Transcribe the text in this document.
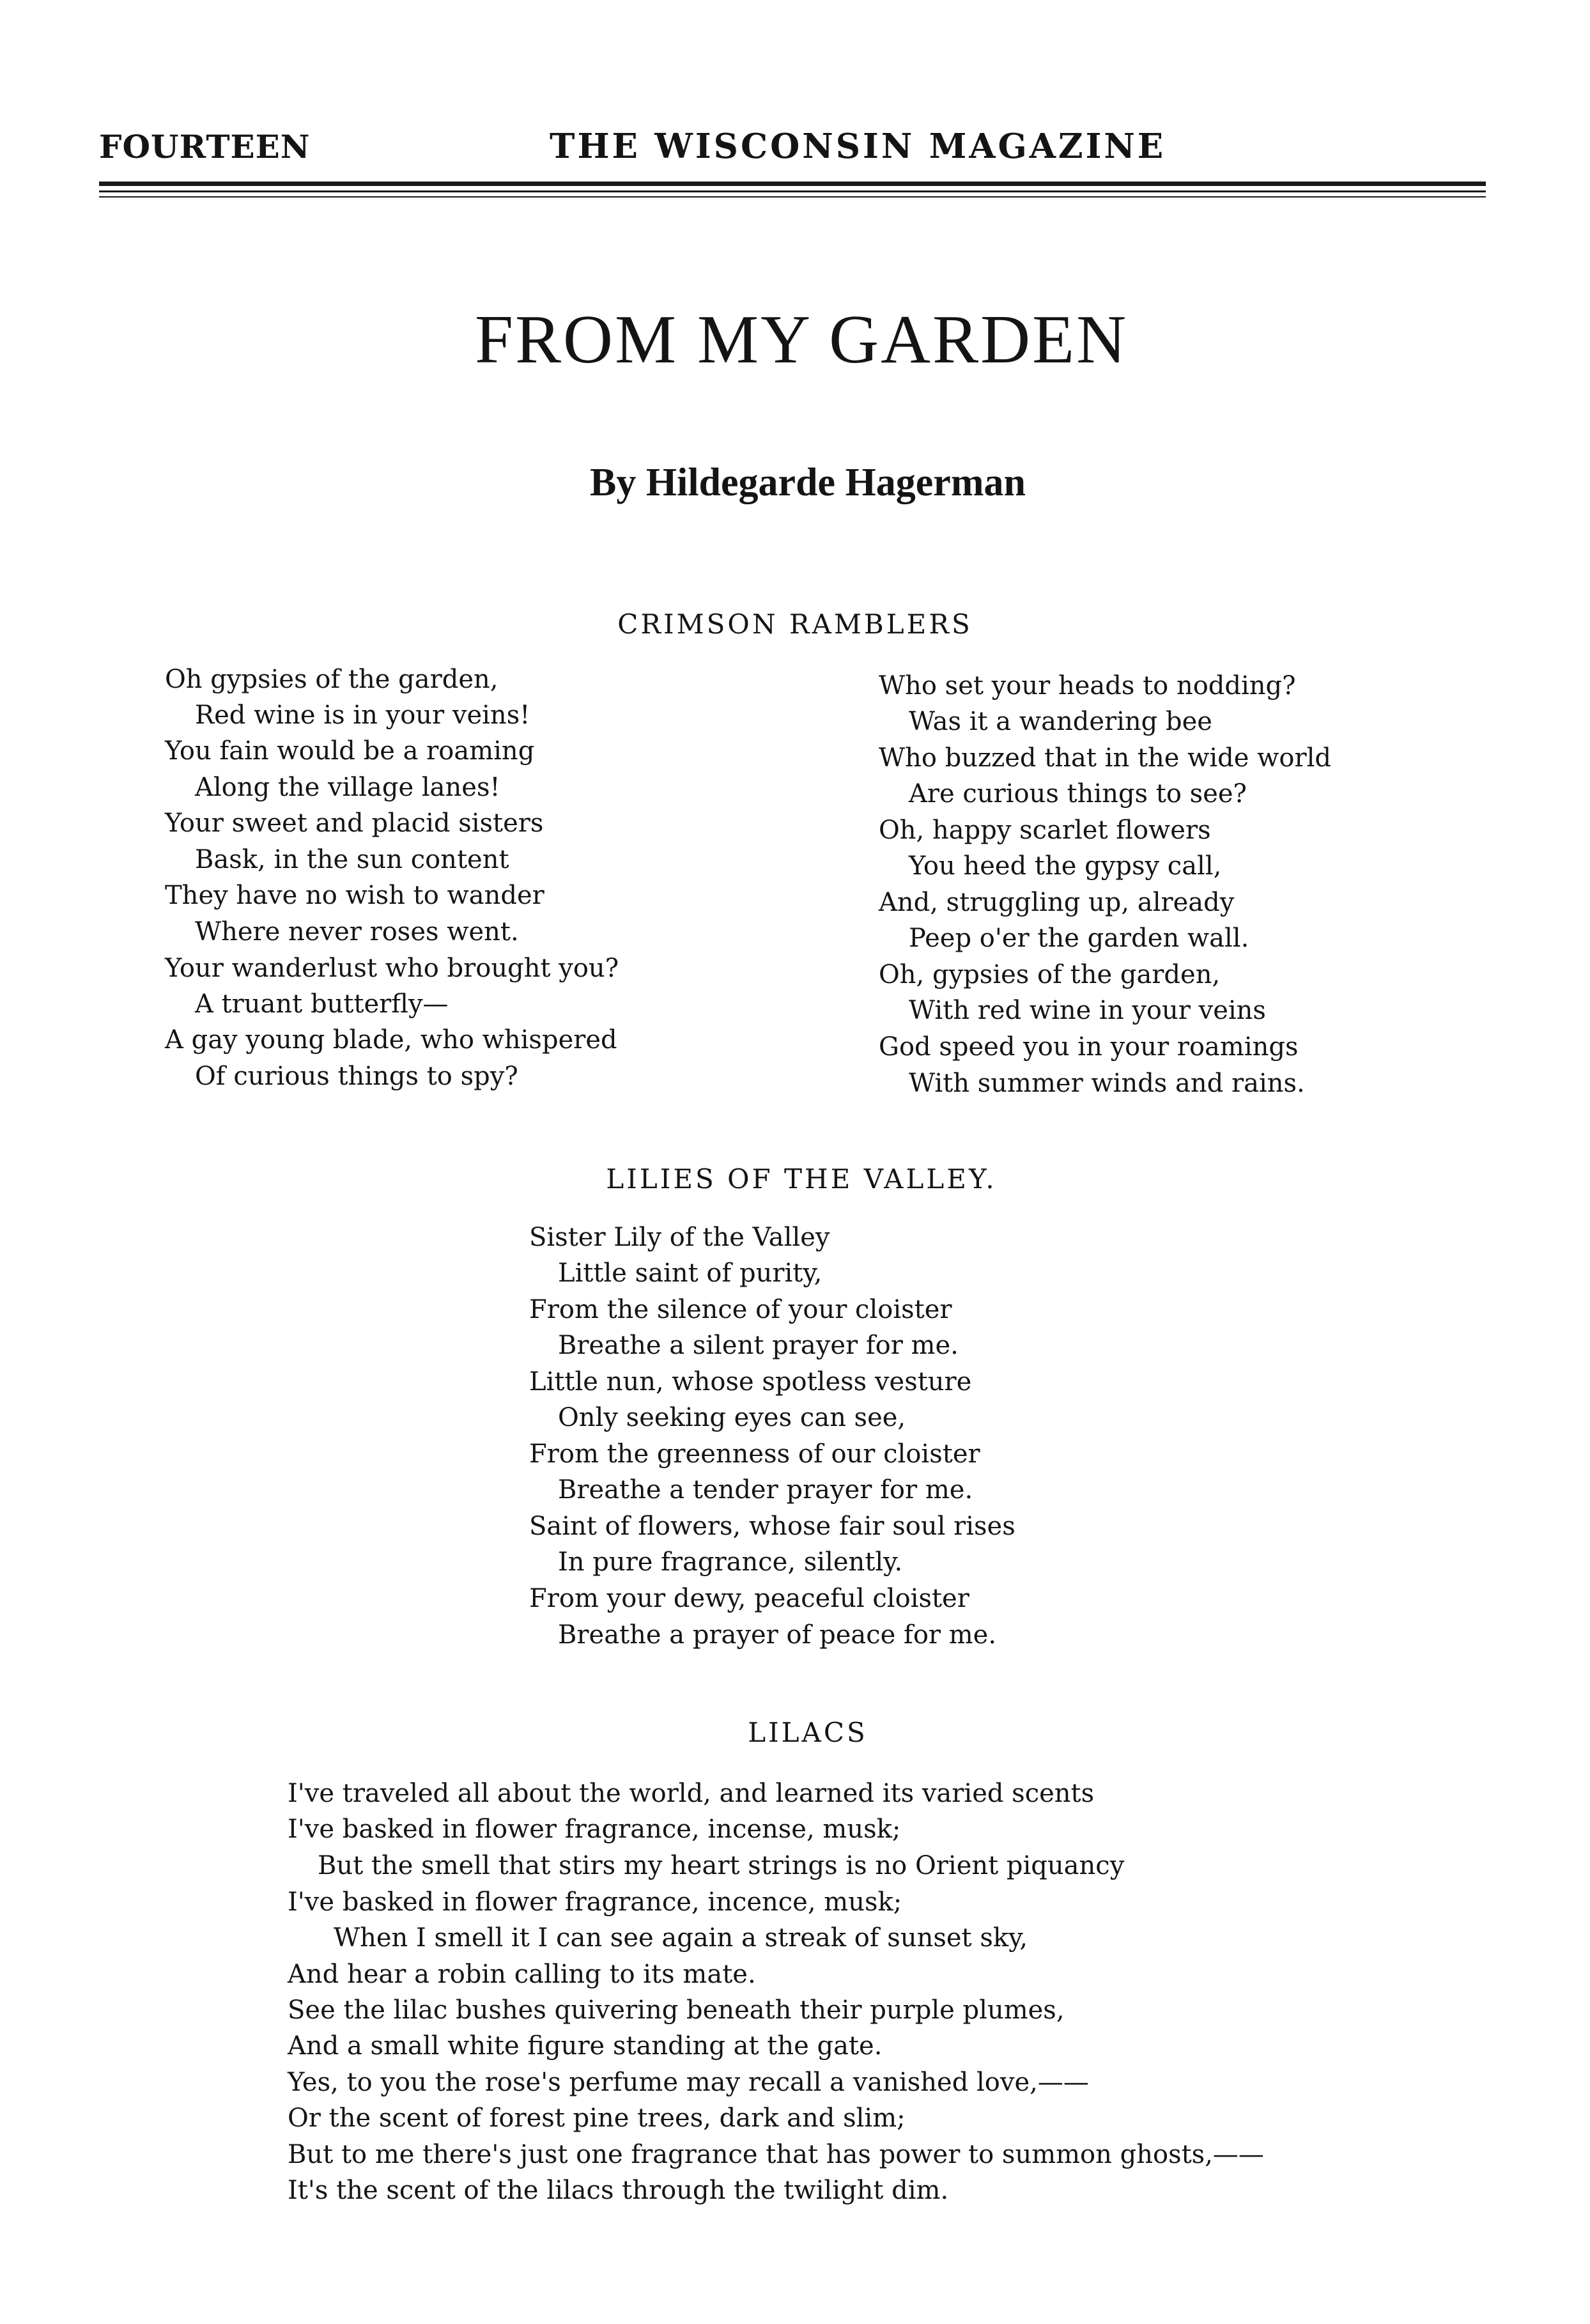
FOURTEEN	THE WISCONSIN MAGAZINE
FROM MY GARDEN
By Hildegarde Hagerman
CRIMSON RAMBLERS
Oh gypsies of the garden,
Red wine is in your veins!
You fain would be a roaming
Along the village lanes!
Your sweet and placid sisters
Bask, in the sun content
They have no wish to wander
Where never roses went.
Your wanderlust who brought you?
A truant butterfly—
A gay young blade, who whispered
Of curious things to spy?
Who set your heads to nodding?
Was it a wandering bee
Who buzzed that in the wide world
Are curious things to see?
Oh, happy scarlet flowers
You heed the gypsy call,
And, struggling up, already
Peep o'er the garden wall.
Oh, gypsies of the garden,
With red wine in your veins
God speed you in your roamings
With summer winds and rains.
LILIES OF THE VALLEY.
Sister Lily of the Valley
Little saint of purity,
From the silence of your cloister
Breathe a silent prayer for me.
Little nun, whose spotless vesture
Only seeking eyes can see,
From the greenness of our cloister
Breathe a tender prayer for me.
Saint of flowers, whose fair soul rises
In pure fragrance, silently.
From your dewy, peaceful cloister
Breathe a prayer of peace for me.
LILACS
I've traveled all about the world, and learned its varied scents
I've basked in flower fragrance, incense, musk;
But the smell that stirs my heart strings is no Orient piquancy
I've basked in flower fragrance, incence, musk;
When I smell it I can see again a streak of sunset sky,
And hear a robin calling to its mate.
See the lilac bushes quivering beneath their purple plumes,
And a small white figure standing at the gate.
Yes, to you the rose's perfume may recall a vanished love,——
Or the scent of forest pine trees, dark and slim;
But to me there's just one fragrance that has power to summon ghosts,——
It's the scent of the lilacs through the twilight dim.
